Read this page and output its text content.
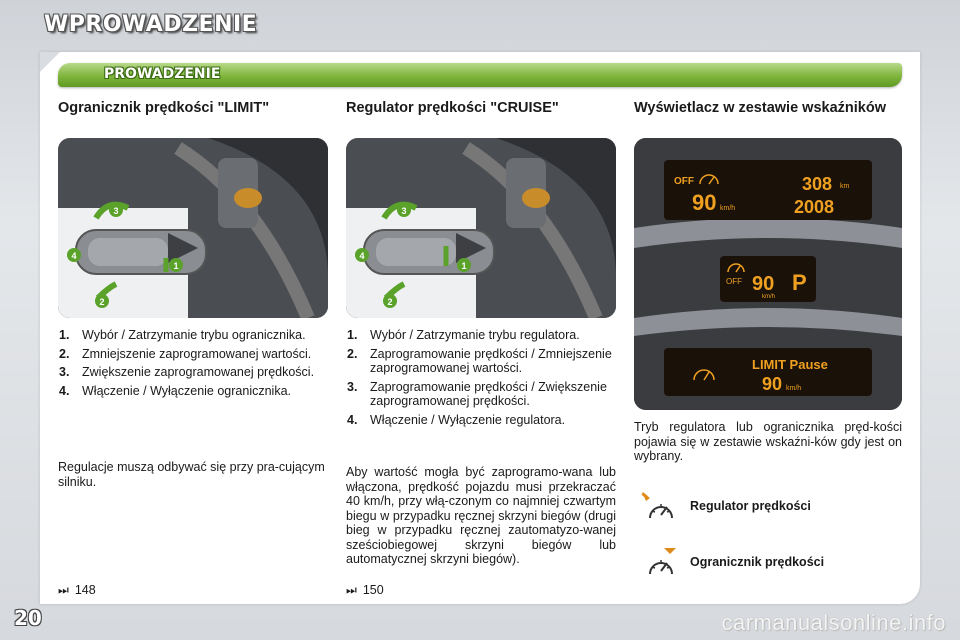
WPROWADZENIE
PROWADZENIE
Ogranicznik prędkości "LIMIT"
1
2
3
4
1. Wybór / Zatrzymanie trybu ogranicznika.
2. Zmniejszenie zaprogramowanej wartości.
3. Zwiększenie zaprogramowanej prędkości.
4. Włączenie / Wyłączenie ogranicznika.

Regulacje muszą odbywać się przy pra-cującym silniku.

⏭ 148
Regulator prędkości "CRUISE"
1
2
3
4
1. Wybór / Zatrzymanie trybu regulatora.
2. Zaprogramowanie prędkości / Zmniejszenie zaprogramowanej wartości.
3. Zaprogramowanie prędkości / Zwiększenie zaprogramowanej prędkości.
4. Włączenie / Wyłączenie regulatora.

Aby wartość mogła być zaprogramo-wana lub włączona, prędkość pojazdu musi przekraczać 40 km/h, przy włą-czonym co najmniej czwartym biegu w przypadku ręcznej skrzyni biegów (drugi bieg w przypadku ręcznej zautomatyzo-wanej sześciobiegowej skrzyni biegów lub automatycznej skrzyni biegów).

⏭ 150
Wyświetlacz w zestawie wskaźników
OFF
90 km/h
308 km
2008
OFF 90
km/h
P
LIMIT Pause
90 km/h

Tryb regulatora lub ogranicznika pręd-kości pojawia się w zestawie wskaźni-ków gdy jest on wybrany.

Regulator prędkości
Ogranicznik prędkości
20	carmanualsonline.info
